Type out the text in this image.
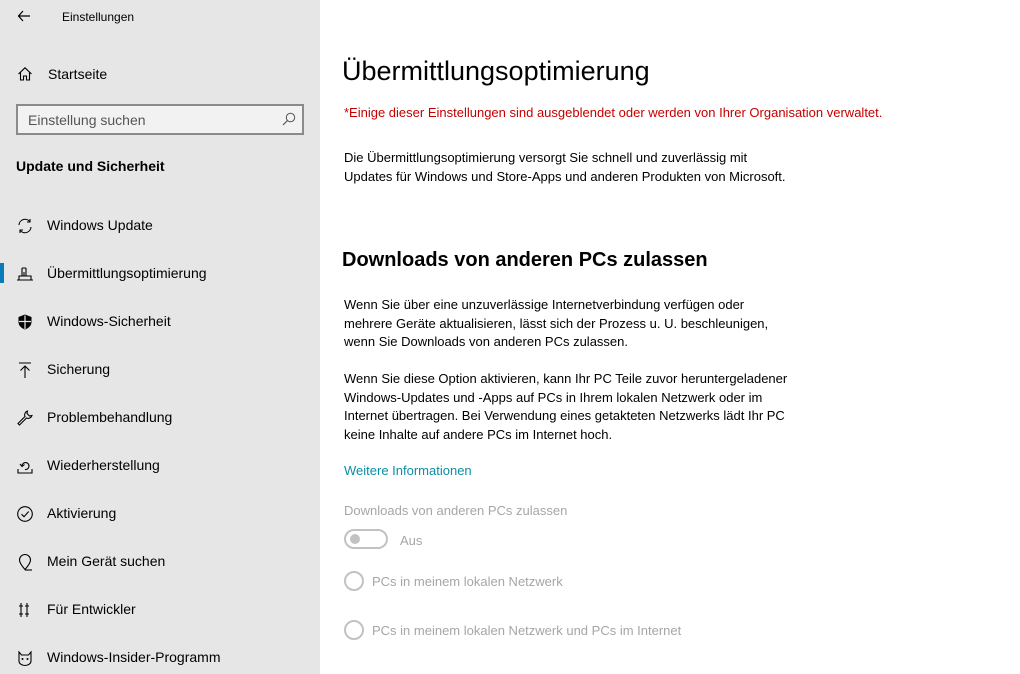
Einstellungen
Startseite
Einstellung suchen
Update und Sicherheit
Windows Update
Übermittlungsoptimierung
Windows-Sicherheit
Sicherung
Problembehandlung
Wiederherstellung
Aktivierung
Mein Gerät suchen
Für Entwickler
Windows-Insider-Programm
Übermittlungsoptimierung
*Einige dieser Einstellungen sind ausgeblendet oder werden von Ihrer Organisation verwaltet.

Die Übermittlungsoptimierung versorgt Sie schnell und zuverlässig mit Updates für Windows und Store-Apps und anderen Produkten von Microsoft.

Downloads von anderen PCs zulassen

Wenn Sie über eine unzuverlässige Internetverbindung verfügen oder mehrere Geräte aktualisieren, lässt sich der Prozess u. U. beschleunigen, wenn Sie Downloads von anderen PCs zulassen.

Wenn Sie diese Option aktivieren, kann Ihr PC Teile zuvor heruntergeladener Windows-Updates und -Apps auf PCs in Ihrem lokalen Netzwerk oder im Internet übertragen. Bei Verwendung eines getakteten Netzwerks lädt Ihr PC keine Inhalte auf andere PCs im Internet hoch.

Weitere Informationen
Downloads von anderen PCs zulassen
Aus
PCs in meinem lokalen Netzwerk
PCs in meinem lokalen Netzwerk und PCs im Internet
